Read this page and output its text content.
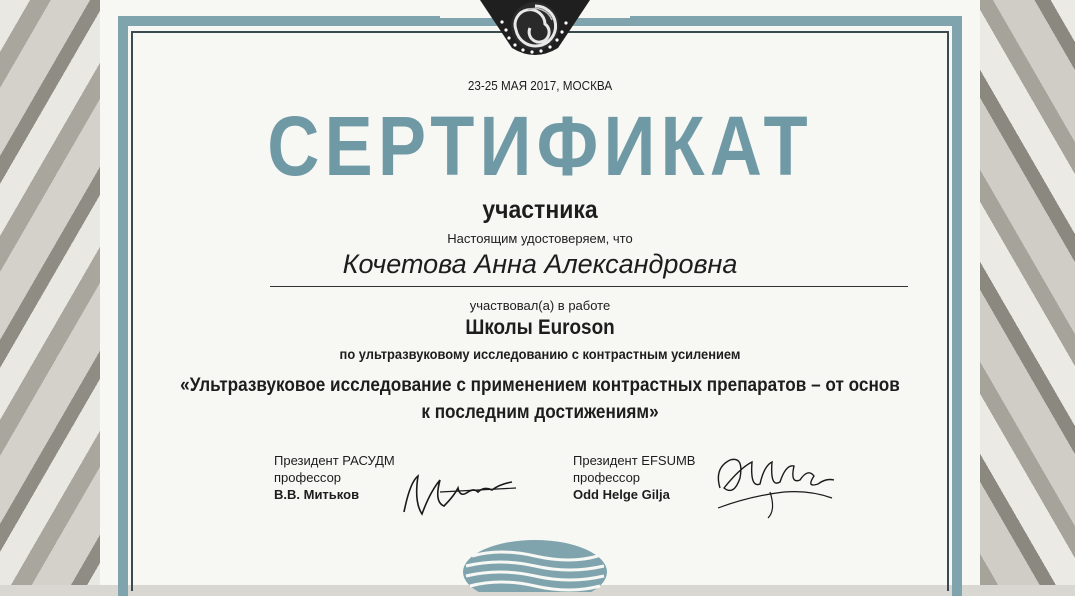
23-25 МАЯ 2017, МОСКВА
СЕРТИФИКАТ
участника
Настоящим удостоверяем, что
Кочетова Анна Александровна
участвовал(а) в работе
Школы Euroson
по ультразвуковому исследованию с контрастным усилением
«Ультразвуковое исследование с применением контрастных препаратов – от основ
к последним достижениям»
Президент РАСУДМ
профессор
В.В. Митьков
Президент EFSUMB
профессор
Odd Helge Gilja
